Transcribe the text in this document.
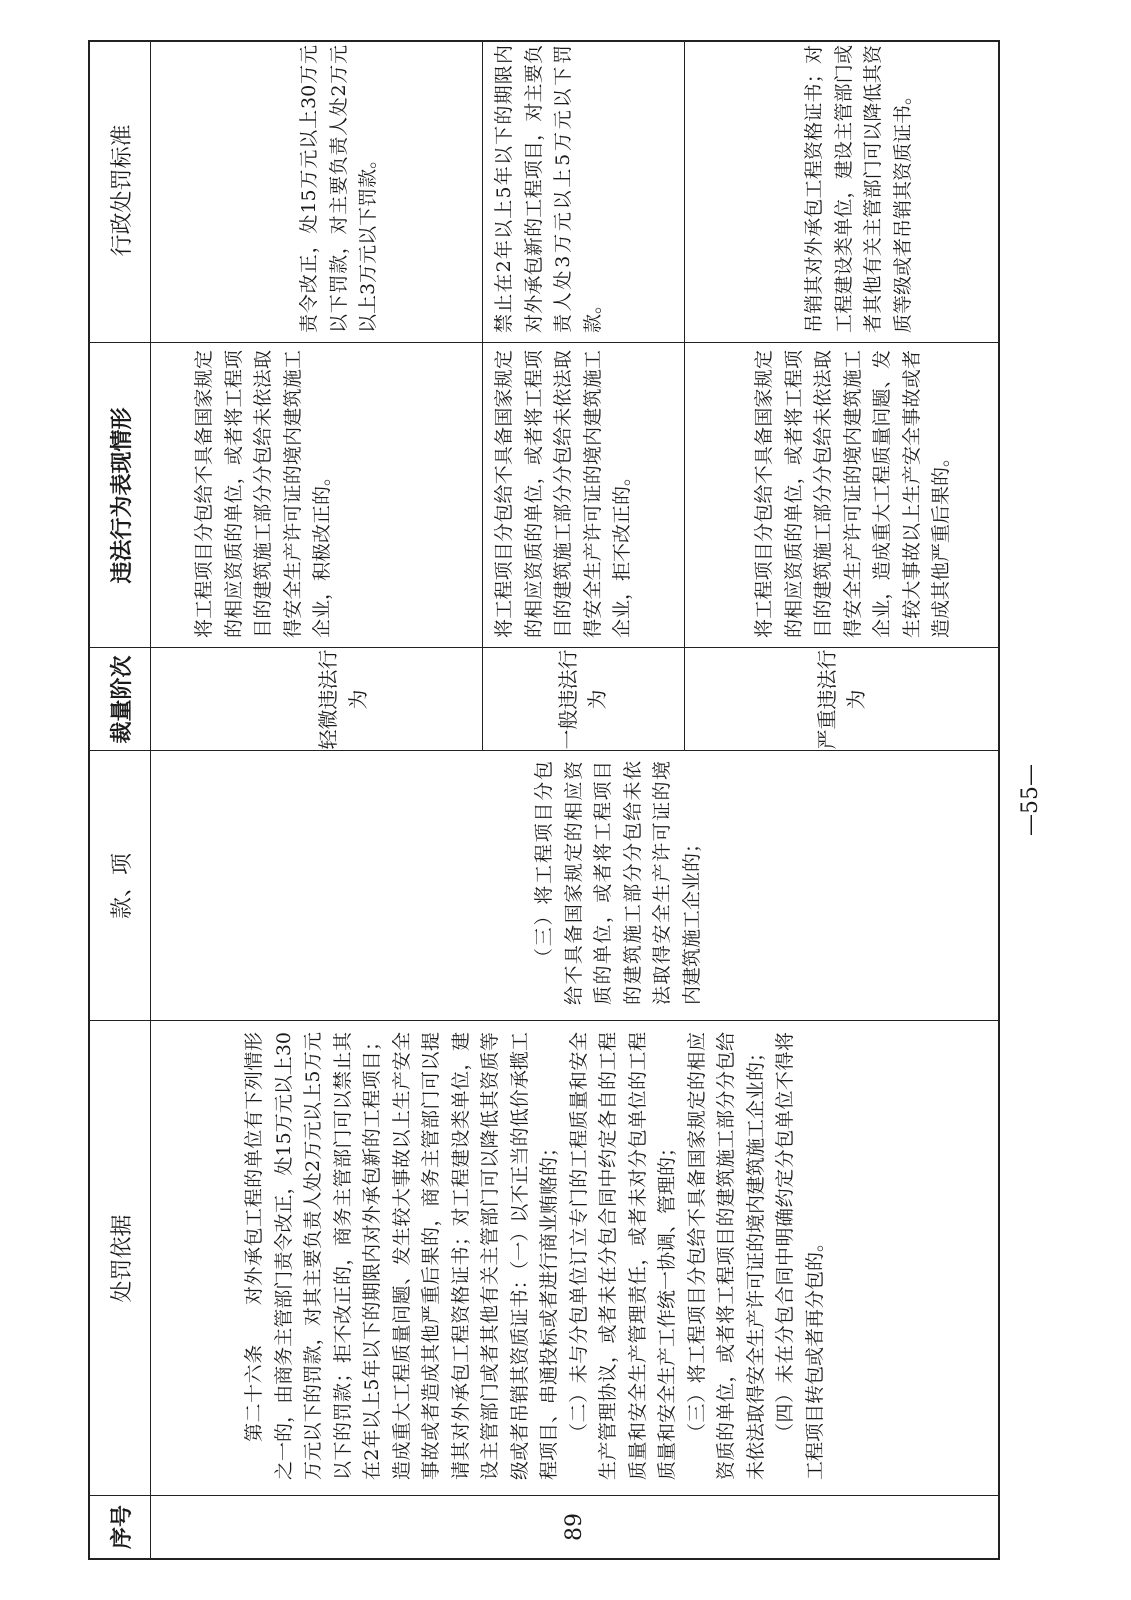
序号
处罚依据
款、项
裁量阶次
违法行为表现情形
行政处罚标准
89

第二十六条　　对外承包工程的单位有下列情形之一的，由商务主管部门责令改正，处15万元以上30万元以下的罚款，对其主要负责人处2万元以上5万元以下的罚款；拒不改正的，商务主管部门可以禁止其在2年以上5年以下的期限内对外承包新的工程项目；造成重大工程质量问题、发生较大事故以上生产安全事故或者造成其他严重后果的，商务主管部门可以提请其对外承包工程资格证书；对工程建设类单位，建设主管部门或者其他有关主管部门可以降低其资质等级或者吊销其资质证书：（一）以不正当的低价承揽工程项目、串通投标或者进行商业贿赂的； （二）未与分包单位订立专门的工程质量和安全生产管理协议，或者未在分包合同中约定各自的工程质量和安全生产管理责任，或者未对分包单位的工程质量和安全生产工作统一协调、管理的； （三）将工程项目分包给不具备国家规定的相应资质的单位，或者将工程项目的建筑施工部分分包给未依法取得安全生产许可证的境内建筑施工企业的； （四）未在分包合同中明确约定分包单位不得将工程项目转包或者再分包的。

（三）将工程项目分包给不具备国家规定的相应资质的单位，或者将工程项目的建筑施工部分分包给未依法取得安全生产许可证的境内建筑施工企业的；

轻微违法行为

将工程项目分包给不具备国家规定的相应资质的单位，或者将工程项目的建筑施工部分分包给未依法取得安全生产许可证的境内建筑施工企业，积极改正的。

责令改正，处15万元以上30万元以下罚款，对主要负责人处2万元以上3万元以下罚款。

一般违法行为

将工程项目分包给不具备国家规定的相应资质的单位，或者将工程项目的建筑施工部分分包给未依法取得安全生产许可证的境内建筑施工企业，拒不改正的。

禁止在2年以上5年以下的期限内对外承包新的工程项目，对主要负责人处3万元以上5万元以下罚款。

严重违法行为

将工程项目分包给不具备国家规定的相应资质的单位，或者将工程项目的建筑施工部分分包给未依法取得安全生产许可证的境内建筑施工企业，造成重大工程质量问题、发生较大事故以上生产安全事故或者造成其他严重后果的。

吊销其对外承包工程资格证书；对工程建设类单位，建设主管部门或者其他有关主管部门可以降低其资质等级或者吊销其资质证书。

—55—
